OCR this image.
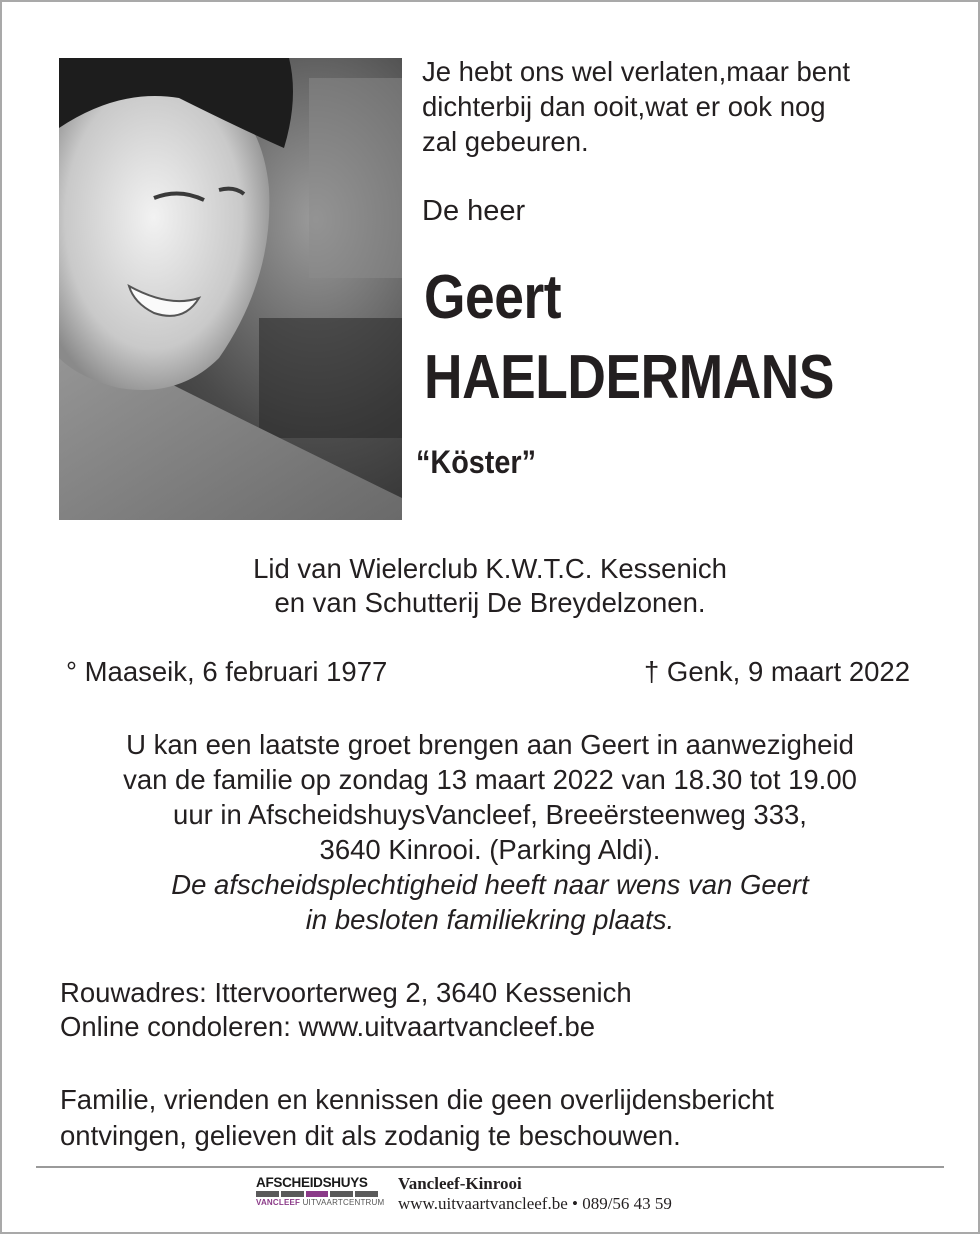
Je hebt ons wel verlaten,maar bent
dichterbij dan ooit,wat er ook nog
zal gebeuren.
De heer
Geert
HAELDERMANS
“Köster”
Lid van Wielerclub K.W.T.C. Kessenich
en van Schutterij De Breydelzonen.
° Maaseik, 6 februari 1977	† Genk, 9 maart 2022
U kan een laatste groet brengen aan Geert in aanwezigheid
van de familie op zondag 13 maart 2022 van 18.30 tot 19.00
uur in AfscheidshuysVancleef, Breeërsteenweg 333,
3640 Kinrooi. (Parking Aldi).
De afscheidsplechtigheid heeft naar wens van Geert
in besloten familiekring plaats.
Rouwadres: Ittervoorterweg 2, 3640 Kessenich
Online condoleren: www.uitvaartvancleef.be
Familie, vrienden en kennissen die geen overlijdensbericht
ontvingen, gelieven dit als zodanig te beschouwen.
AFSCHEIDSHUYS
VANCLEEF UITVAARTCENTRUM
Vancleef-Kinrooi
www.uitvaartvancleef.be • 089/56 43 59
